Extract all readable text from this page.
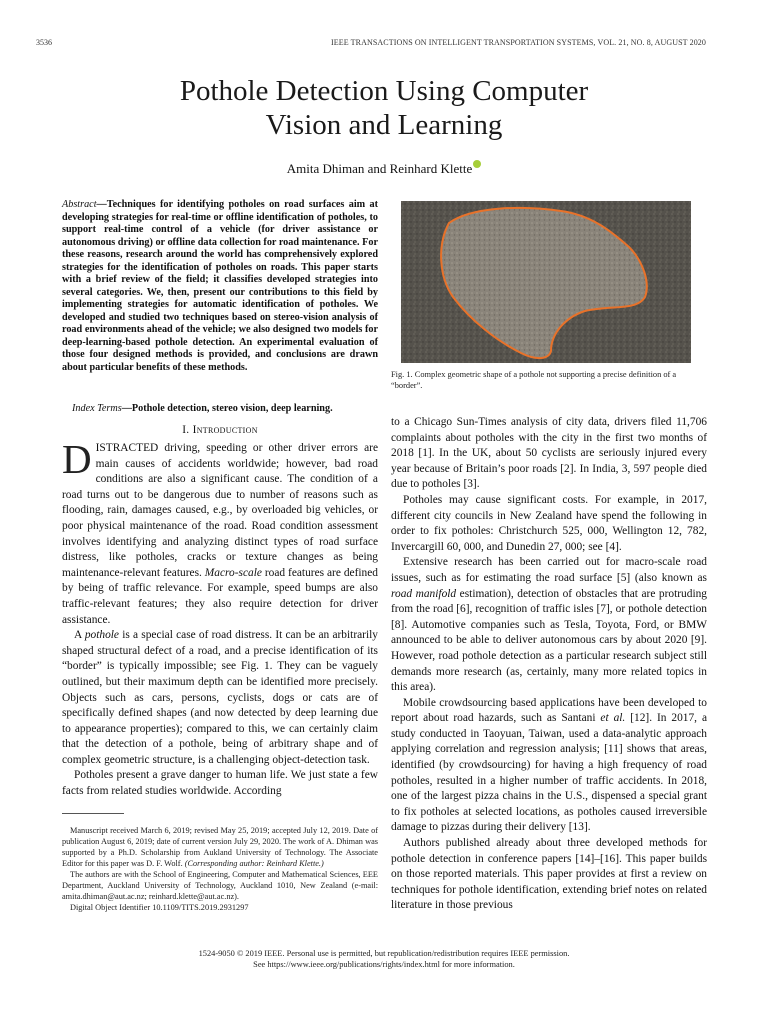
3536	IEEE TRANSACTIONS ON INTELLIGENT TRANSPORTATION SYSTEMS, VOL. 21, NO. 8, AUGUST 2020
Pothole Detection Using Computer
Vision and Learning
Amita Dhiman and Reinhard Klette
Abstract—Techniques for identifying potholes on road surfaces aim at developing strategies for real-time or offline identification of potholes, to support real-time control of a vehicle (for driver assistance or autonomous driving) or offline data collection for road maintenance. For these reasons, research around the world has comprehensively explored strategies for the identification of potholes on roads. This paper starts with a brief review of the field; it classifies developed strategies into several categories. We, then, present our contributions to this field by implementing strategies for automatic identification of potholes. We developed and studied two techniques based on stereo-vision analysis of road environments ahead of the vehicle; we also designed two models for deep-learning-based pothole detection. An experimental evaluation of those four designed methods is provided, and conclusions are drawn about particular benefits of these methods.
Index Terms—Pothole detection, stereo vision, deep learning.
I. Introduction

DISTRACTED driving, speeding or other driver errors are main causes of accidents worldwide; however, bad road conditions are also a significant cause. The condition of a road turns out to be dangerous due to number of reasons such as flooding, rain, damages caused, e.g., by overloaded big vehicles, or poor physical maintenance of the road. Road condition assessment involves identifying and analyzing distinct types of road surface distress, like potholes, cracks or texture changes as being maintenance-relevant features. Macro-scale road features are defined by being of traffic relevance. For example, speed bumps are also traffic-relevant features; they also require detection for driver assistance.

A pothole is a special case of road distress. It can be an arbitrarily shaped structural defect of a road, and a precise identification of its “border” is typically impossible; see Fig. 1. They can be vaguely outlined, but their maximum depth can be identified more precisely. Objects such as cars, persons, cyclists, dogs or cats are of specifically defined shapes (and now detected by deep learning due to appearance properties); compared to this, we can certainly claim that the detection of a pothole, being of arbitrary shape and of complex geometric structure, is a challenging object-detection task.

Potholes present a grave danger to human life. We just state a few facts from related studies worldwide. According

Manuscript received March 6, 2019; revised May 25, 2019; accepted July 12, 2019. Date of publication August 6, 2019; date of current version July 29, 2020. The work of A. Dhiman was supported by a Ph.D. Scholarship from Aukland University of Technology. The Associate Editor for this paper was D. F. Wolf. (Corresponding author: Reinhard Klette.)

The authors are with the School of Engineering, Computer and Mathematical Sciences, EEE Department, Auckland University of Technology, Auckland 1010, New Zealand (e-mail: amita.dhiman@aut.ac.nz; reinhard.klette@aut.ac.nz).

Digital Object Identifier 10.1109/TITS.2019.2931297

Fig. 1. Complex geometric shape of a pothole not supporting a precise definition of a “border”.

to a Chicago Sun-Times analysis of city data, drivers filed 11,706 complaints about potholes with the city in the first two months of 2018 [1]. In the UK, about 50 cyclists are seriously injured every year because of Britain’s poor roads [2]. In India, 3, 597 people died due to potholes [3].

Potholes may cause significant costs. For example, in 2017, different city councils in New Zealand have spend the following in order to fix potholes: Christchurch 525, 000, Wellington 12, 782, Invercargill 60, 000, and Dunedin 27, 000; see [4].

Extensive research has been carried out for macro-scale road issues, such as for estimating the road surface [5] (also known as road manifold estimation), detection of obstacles that are protruding from the road [6], recognition of traffic isles [7], or pothole detection [8]. Automotive companies such as Tesla, Toyota, Ford, or BMW announced to be able to deliver autonomous cars by about 2020 [9]. However, road pothole detection as a particular research subject still demands more research (as, certainly, many more related topics in this area).

Mobile crowdsourcing based applications have been developed to report about road hazards, such as Santani et al. [12]. In 2017, a study conducted in Taoyuan, Taiwan, used a data-analytic approach applying correlation and regression analysis; [11] shows that areas, identified (by crowdsourcing) for having a high frequency of road potholes, resulted in a higher number of traffic accidents. In 2018, one of the largest pizza chains in the U.S., dispensed a special grant to fix potholes at selected locations, as potholes caused irreversible damage to pizzas during their delivery [13].

Authors published already about three developed methods for pothole detection in conference papers [14]–[16]. This paper builds on those reported materials. This paper provides at first a review on techniques for pothole identification, extending brief notes on related literature in those previous

1524-9050 © 2019 IEEE. Personal use is permitted, but republication/redistribution requires IEEE permission.
See https://www.ieee.org/publications/rights/index.html for more information.
